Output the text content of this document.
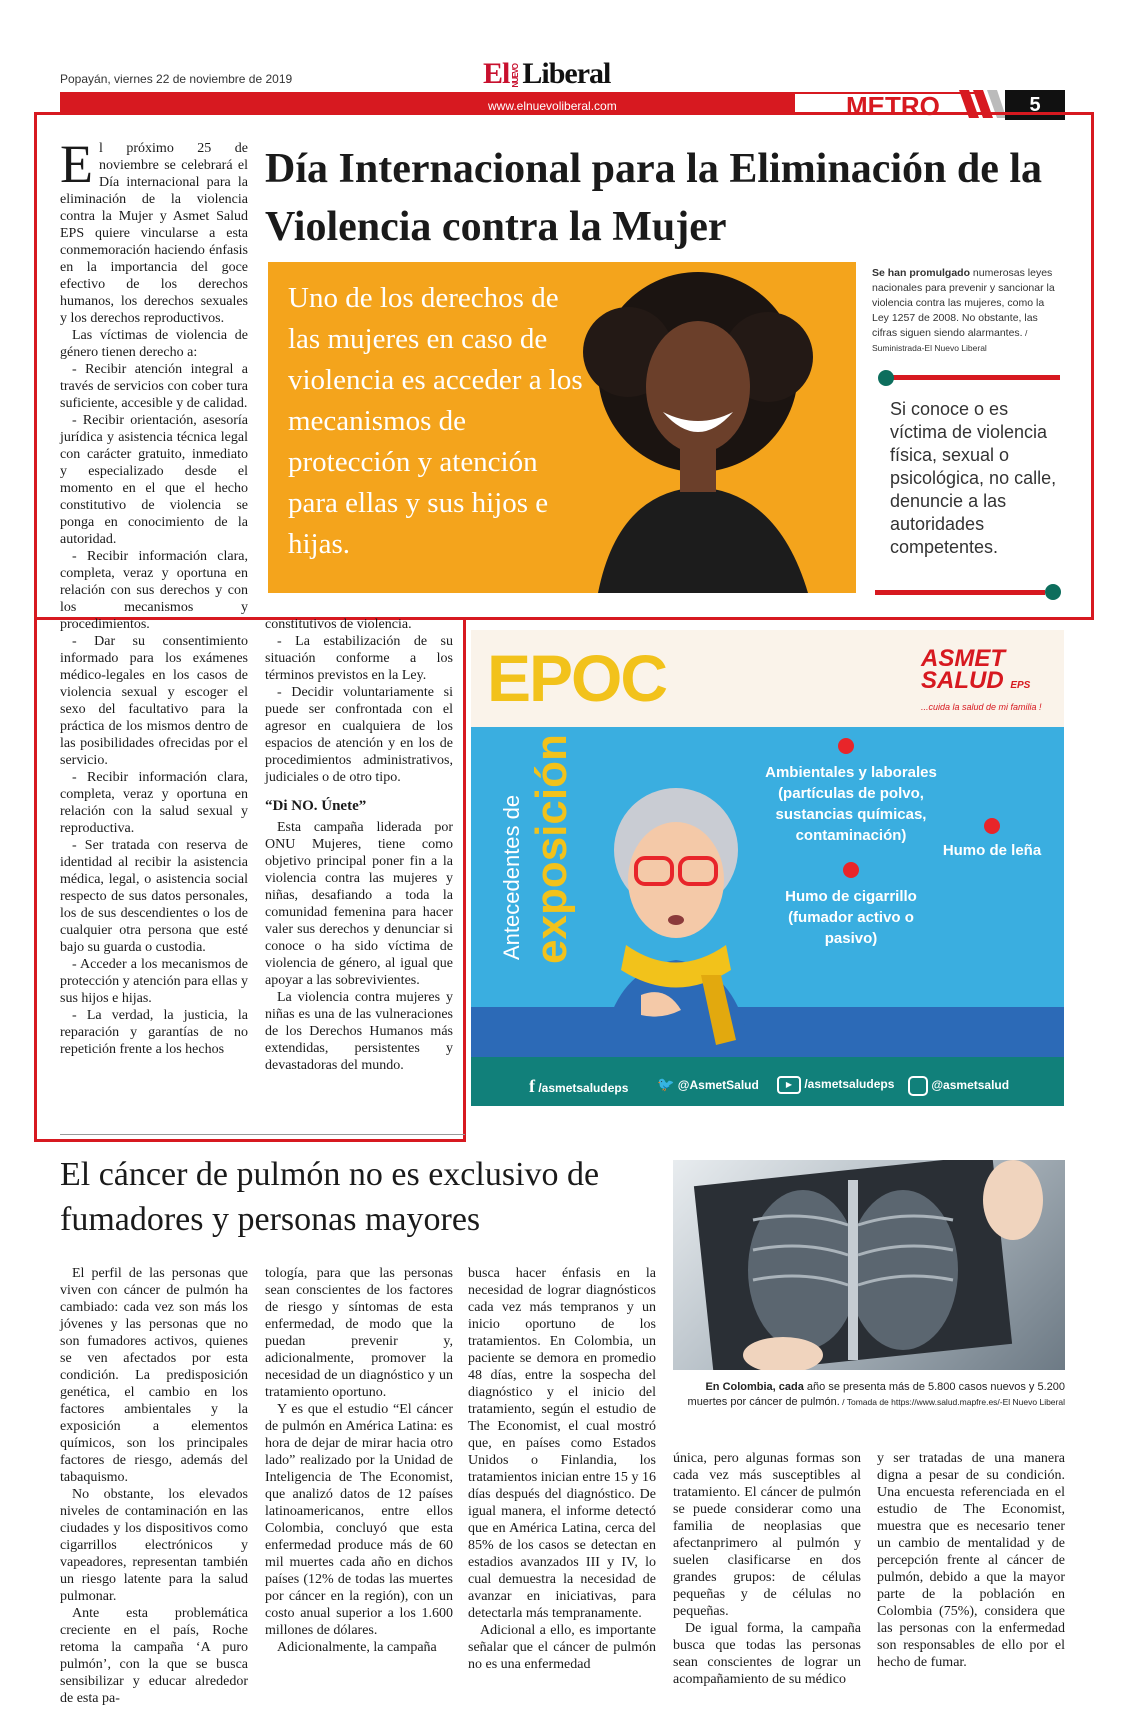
Popayán, viernes 22 de noviembre de 2019	El NUEVOLiberal
www.elnuevoliberal.com	METRO	5

El próximo 25 de noviembre se celebrará el Día internacional para la eliminación de la violencia contra la Mujer y Asmet Salud EPS quiere vincularse a esta conmemoración haciendo énfasis en la importancia del goce efectivo de los derechos humanos, los derechos sexuales y los derechos reproductivos.

Las víctimas de violencia de género tienen derecho a:

- Recibir atención integral a través de servicios con cober tura suficiente, accesible y de calidad.

- Recibir orientación, asesoría jurídica y asistencia técnica legal con carácter gratuito, inmediato y especializado desde el momento en el que el hecho constitutivo de violencia se ponga en conocimiento de la autoridad.

- Recibir información clara, completa, veraz y oportuna en relación con sus derechos y con los mecanismos y procedimientos.

- Dar su consentimiento informado para los exámenes médico-legales en los casos de violencia sexual y escoger el sexo del facultativo para la práctica de los mismos dentro de las posibilidades ofrecidas por el servicio.

- Recibir información clara, completa, veraz y oportuna en relación con la salud sexual y reproductiva.

- Ser tratada con reserva de identidad al recibir la asistencia médica, legal, o asistencia social respecto de sus datos personales, los de sus descendientes o los de cualquier otra persona que esté bajo su guarda o custodia.

- Acceder a los mecanismos de protección y atención para ellas y sus hijos e hijas.

- La verdad, la justicia, la reparación y garantías de no repetición frente a los hechos

Día Internacional para la Eliminación de la Violencia contra la Mujer
Uno de los derechos de las mujeres en caso de violencia es acceder a los mecanismos de protección y atención para ellas y sus hijos e hijas.
Se han promulgado numerosas leyes nacionales para prevenir y sancionar la violencia contra las mujeres, como la Ley 1257 de 2008. No obstante, las cifras siguen siendo alarmantes. / Suministrada-El Nuevo Liberal
Si conoce o es víctima de violencia física, sexual o psicológica, no calle, denuncie a las autoridades competentes.

constitutivos de violencia.

- La estabilización de su situación conforme a los términos previstos en la Ley.

- Decidir voluntariamente si puede ser confrontada con el agresor en cualquiera de los espacios de atención y en los de procedimientos administrativos, judiciales o de otro tipo.

“Di NO. Únete”

Esta campaña liderada por ONU Mujeres, tiene como objetivo principal poner fin a la violencia contra las mujeres y niñas, desafiando a toda la comunidad femenina para hacer valer sus derechos y denunciar si conoce o ha sido víctima de violencia de género, al igual que apoyar a las sobrevivientes.

La violencia contra mujeres y niñas es una de las vulneraciones de los Derechos Humanos más extendidas, persistentes y devastadoras del mundo.

EPOC	ASMET SALUD EPS
...cuida la salud de mi familia !
Antecedentes de exposición	Ambientales y laborales (partículas de polvo, sustancias químicas, contaminación)
Humo de leña
Humo de cigarrillo (fumador activo o pasivo)
f /asmetsaludeps 🐦 @AsmetSalud	▶ /asmetsaludeps	@asmetsalud
El cáncer de pulmón no es exclusivo de fumadores y personas mayores
En Colombia, cada año se presenta más de 5.800 casos nuevos y 5.200 muertes por cáncer de pulmón. / Tomada de https://www.salud.mapfre.es/-El Nuevo Liberal

El perfil de las personas que viven con cáncer de pulmón ha cambiado: cada vez son más los jóvenes y las personas que no son fumadores activos, quienes se ven afectados por esta condición. La predisposición genética, el cambio en los factores ambientales y la exposición a elementos químicos, son los principales factores de riesgo, además del tabaquismo.

No obstante, los elevados niveles de contaminación en las ciudades y los dispositivos como cigarrillos electrónicos y vapeadores, representan también un riesgo latente para la salud pulmonar.

Ante esta problemática creciente en el país, Roche retoma la campaña ‘A puro pulmón’, con la que se busca sensibilizar y educar alrededor de esta pa-

tología, para que las personas sean conscientes de los factores de riesgo y síntomas de esta enfermedad, de modo que la puedan prevenir y, adicionalmente, promover la necesidad de un diagnóstico y un tratamiento oportuno.

Y es que el estudio “El cáncer de pulmón en América Latina: es hora de dejar de mirar hacia otro lado” realizado por la Unidad de Inteligencia de The Economist, que analizó datos de 12 países latinoamericanos, entre ellos Colombia, concluyó que esta enfermedad produce más de 60 mil muertes cada año en dichos países (12% de todas las muertes por cáncer en la región), con un costo anual superior a los 1.600 millones de dólares.

Adicionalmente, la campaña

busca hacer énfasis en la necesidad de lograr diagnósticos cada vez más tempranos y un inicio oportuno de los tratamientos. En Colombia, un paciente se demora en promedio 48 días, entre la sospecha del diagnóstico y el inicio del tratamiento, según el estudio de The Economist, el cual mostró que, en países como Estados Unidos o Finlandia, los tratamientos inician entre 15 y 16 días después del diagnóstico. De igual manera, el informe detectó que en América Latina, cerca del 85% de los casos se detectan en estadios avanzados III y IV, lo cual demuestra la necesidad de avanzar en iniciativas, para detectarla más tempranamente.

Adicional a ello, es importante señalar que el cáncer de pulmón no es una enfermedad

única, pero algunas formas son cada vez más susceptibles al tratamiento. El cáncer de pulmón se puede considerar como una familia de neoplasias que afectanprimero al pulmón y suelen clasificarse en dos grandes grupos: de células pequeñas y de células no pequeñas.

De igual forma, la campaña busca que todas las personas sean conscientes de lograr un acompañamiento de su médico

y ser tratadas de una manera digna a pesar de su condición. Una encuesta referenciada en el estudio de The Economist, muestra que es necesario tener un cambio de mentalidad y de percepción frente al cáncer de pulmón, debido a que la mayor parte de la población en Colombia (75%), considera que las personas con la enfermedad son responsables de ello por el hecho de fumar.
